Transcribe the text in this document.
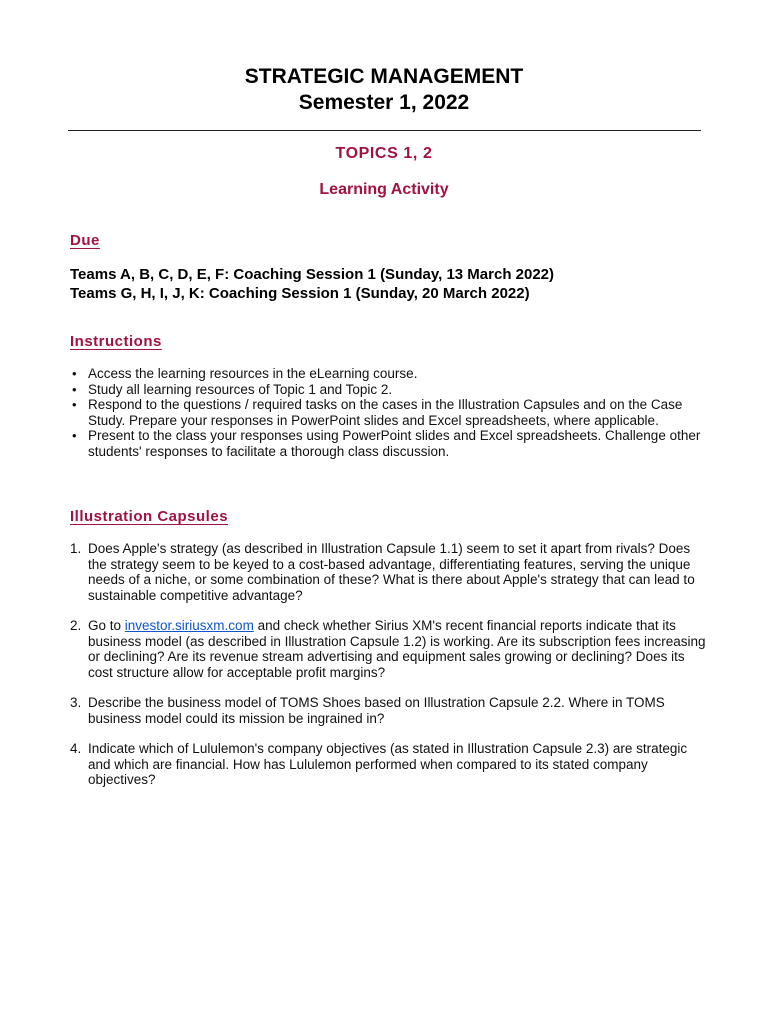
STRATEGIC MANAGEMENT
Semester 1, 2022
TOPICS 1, 2
Learning Activity
Due
Teams A, B, C, D, E, F: Coaching Session 1 (Sunday, 13 March 2022)
Teams G, H, I, J, K: Coaching Session 1 (Sunday, 20 March 2022)
Instructions
• Access the learning resources in the eLearning course.
• Study all learning resources of Topic 1 and Topic 2.
• Respond to the questions / required tasks on the cases in the Illustration Capsules and on the Case Study. Prepare your responses in PowerPoint slides and Excel spreadsheets, where applicable.
• Present to the class your responses using PowerPoint slides and Excel spreadsheets. Challenge other students' responses to facilitate a thorough class discussion.
Illustration Capsules
1. Does Apple's strategy (as described in Illustration Capsule 1.1) seem to set it apart from rivals? Does the strategy seem to be keyed to a cost-based advantage, differentiating features, serving the unique needs of a niche, or some combination of these? What is there about Apple's strategy that can lead to sustainable competitive advantage?
2. Go to investor.siriusxm.com and check whether Sirius XM's recent financial reports indicate that its business model (as described in Illustration Capsule 1.2) is working. Are its subscription fees increasing or declining? Are its revenue stream advertising and equipment sales growing or declining? Does its cost structure allow for acceptable profit margins?
3. Describe the business model of TOMS Shoes based on Illustration Capsule 2.2. Where in TOMS business model could its mission be ingrained in?
4. Indicate which of Lululemon's company objectives (as stated in Illustration Capsule 2.3) are strategic and which are financial. How has Lululemon performed when compared to its stated company objectives?
